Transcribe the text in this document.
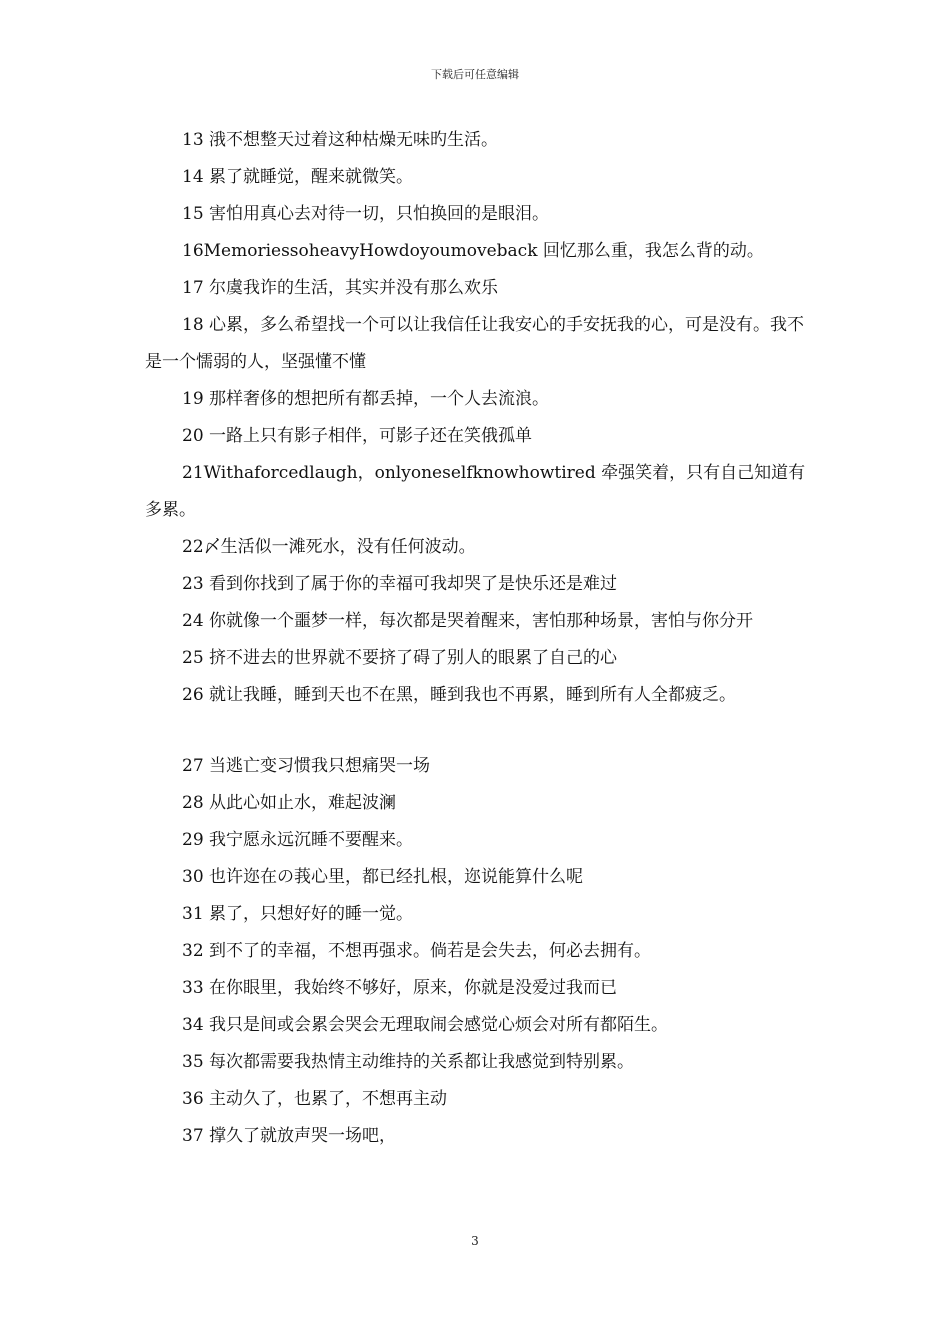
下载后可任意编辑

13 涐不想整天过着这种枯燥无味旳生活。

14 累了就睡觉，醒来就微笑。

15 害怕用真心去对待一切，只怕换回的是眼泪。

16MemoriessoheavyHowdoyoumoveback 回忆那么重，我怎么背的动。

17 尔虞我诈的生活，其实并没有那么欢乐

18 心累，多么希望找一个可以让我信任让我安心的手安抚我的心，可是没有。我不是一个懦弱的人，坚强懂不懂

19 那样奢侈的想把所有都丢掉，一个人去流浪。

20 一路上只有影子相伴，可影子还在笑俄孤单

21Withaforcedlaugh，onlyoneselfknowhowtired 牵强笑着，只有自己知道有多累。

22〆生活似一滩死水，没有任何波动。

23 看到你找到了属于你的幸福可我却哭了是快乐还是难过

24 你就像一个噩梦一样，每次都是哭着醒来，害怕那种场景，害怕与你分开

25 挤不进去的世界就不要挤了碍了别人的眼累了自己的心

26 就让我睡，睡到天也不在黑，睡到我也不再累，睡到所有人全都疲乏。

27 当逃亡变习惯我只想痛哭一场

28 从此心如止水，难起波澜

29 我宁愿永远沉睡不要醒来。

30 也许迩在の莪心里，都已经扎根，迩说能算什么呢

31 累了，只想好好的睡一觉。

32 到不了的幸福，不想再强求。倘若是会失去，何必去拥有。

33 在你眼里，我始终不够好，原来，你就是没爱过我而已

34 我只是间或会累会哭会无理取闹会感觉心烦会对所有都陌生。

35 每次都需要我热情主动维持的关系都让我感觉到特别累。

36 主动久了，也累了，不想再主动

37 撑久了就放声哭一场吧，

3
